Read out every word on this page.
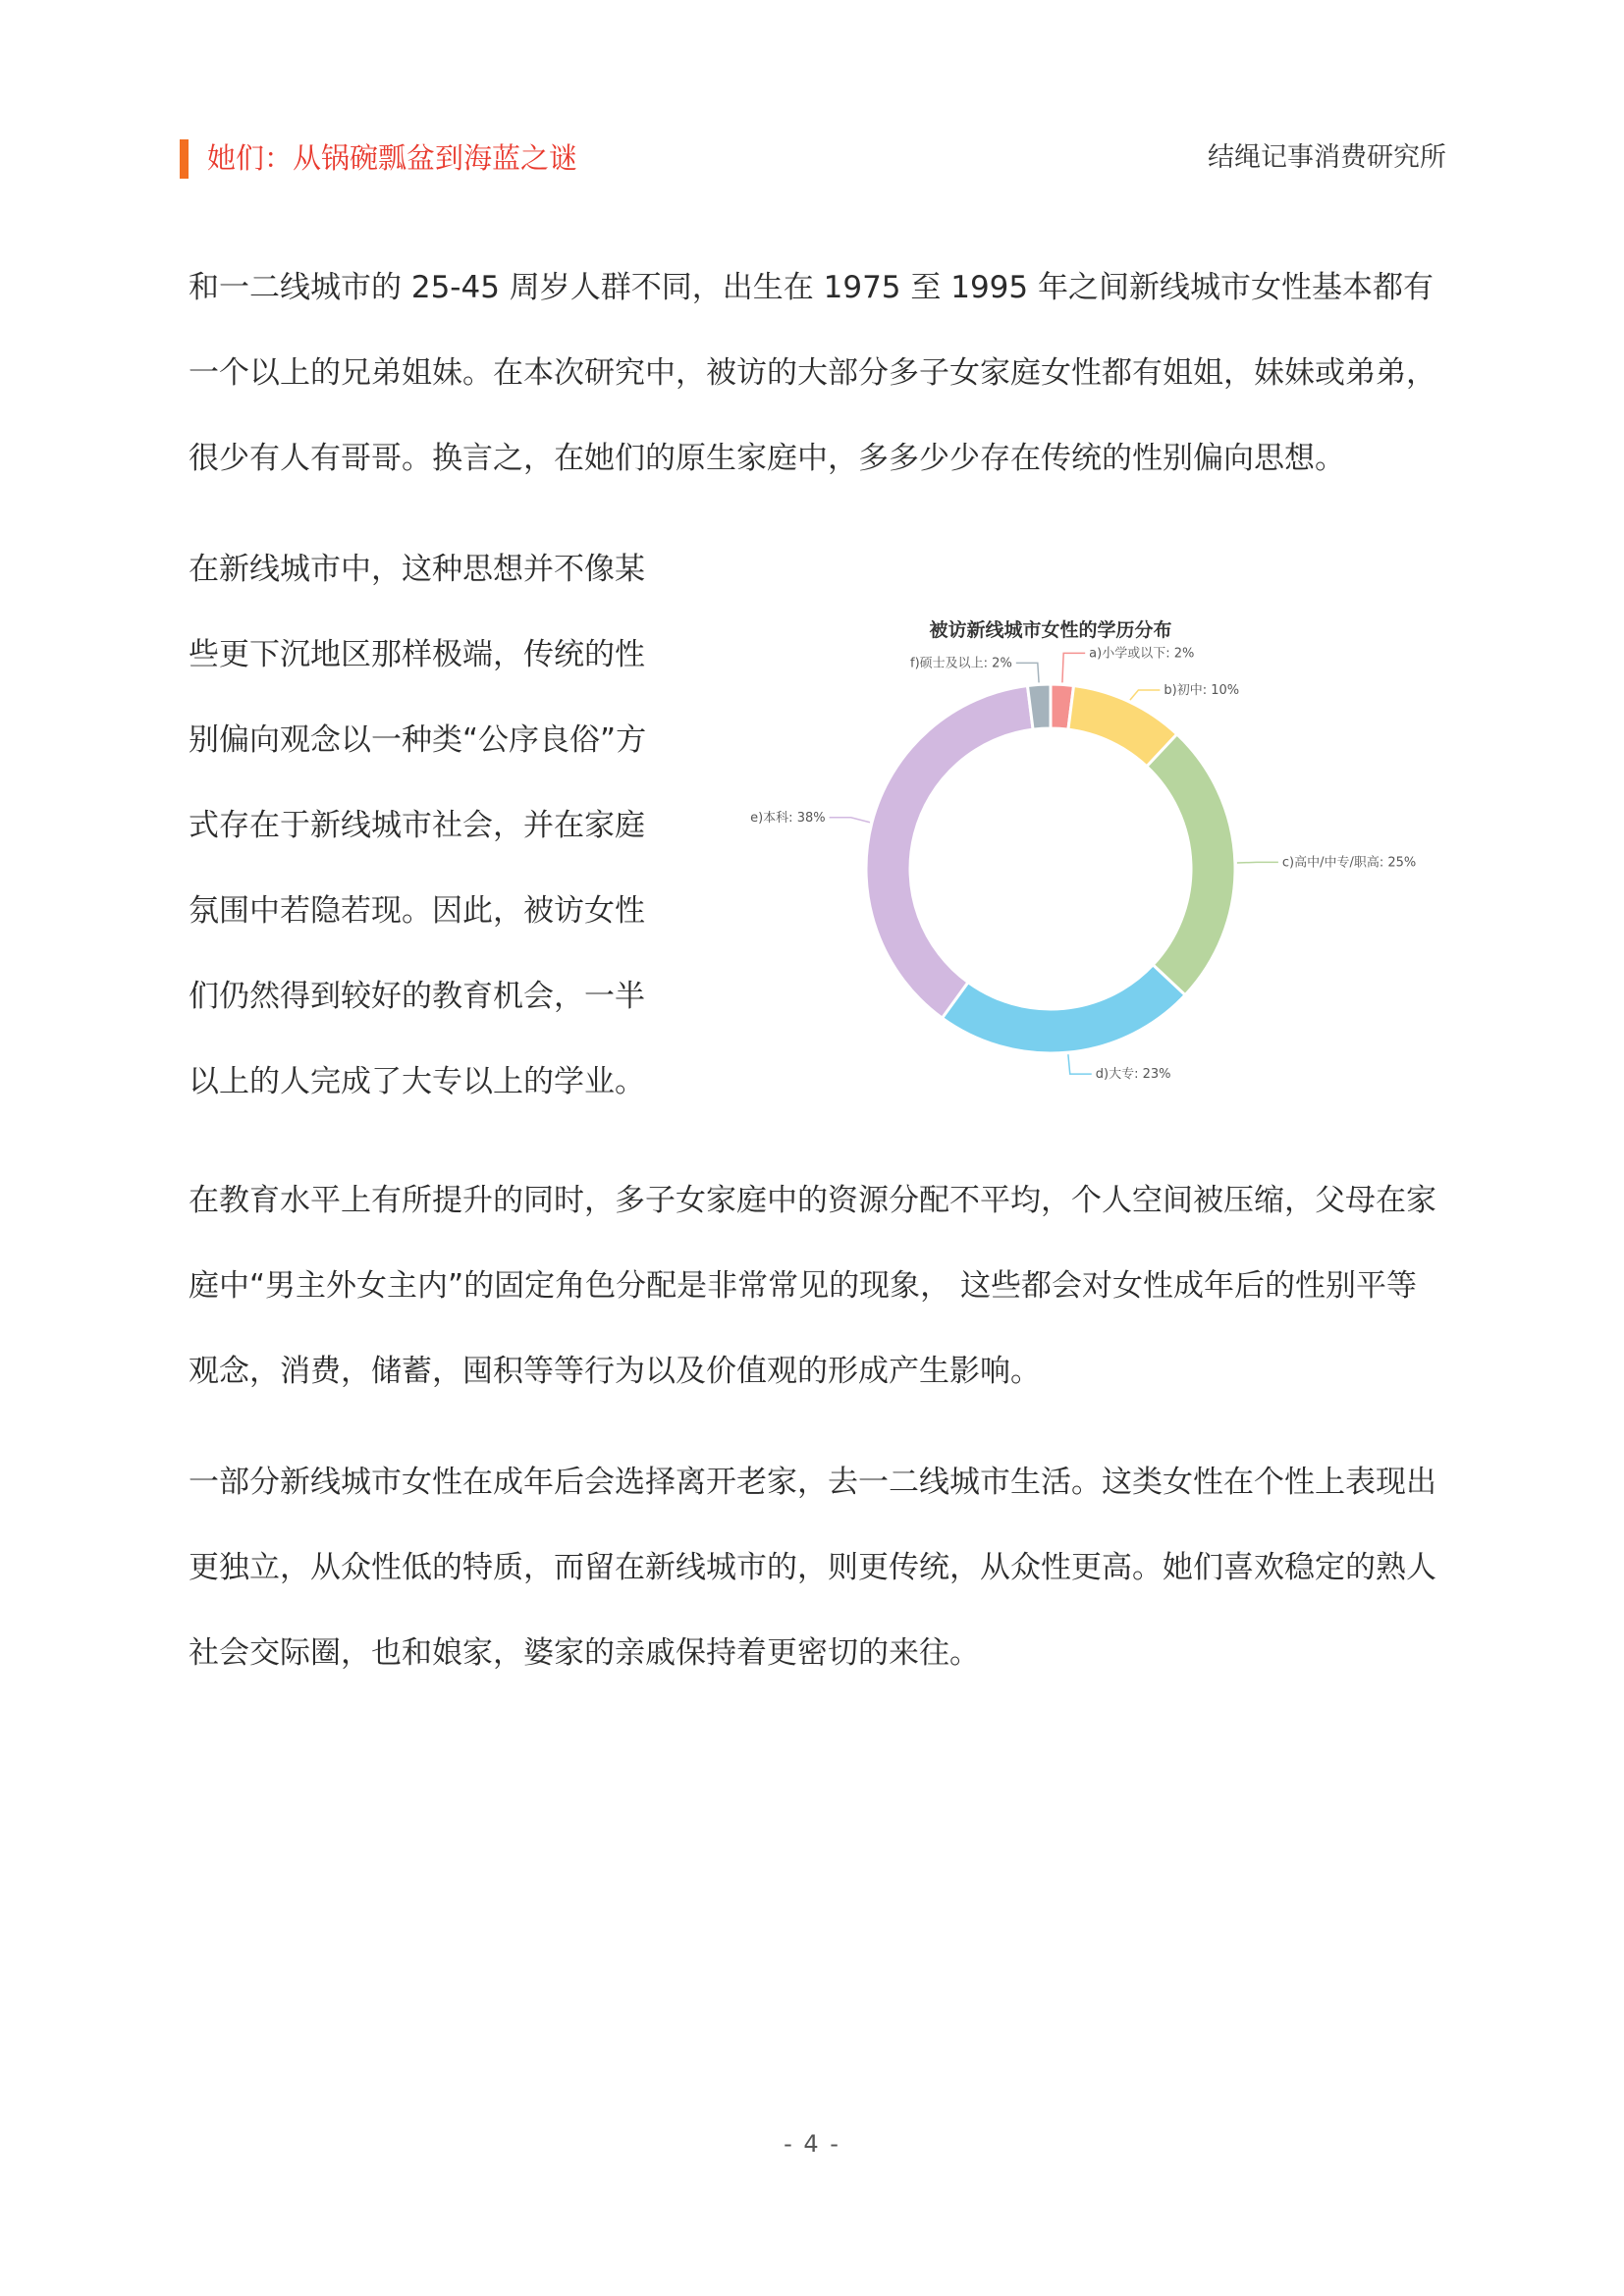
她们：从锅碗瓢盆到海蓝之谜	结绳记事消费研究所

和一二线城市的 25-45 周岁人群不同，出生在 1975 至 1995 年之间新线城市女性基本都有一个以上的兄弟姐妹。在本次研究中，被访的大部分多子女家庭女性都有姐姐，妹妹或弟弟，很少有人有哥哥。换言之，在她们的原生家庭中，多多少少存在传统的性别偏向思想。

在新线城市中，这种思想并不像某些更下沉地区那样极端，传统的性别偏向观念以一种类“公序良俗”方式存在于新线城市社会，并在家庭氛围中若隐若现。因此，被访女性们仍然得到较好的教育机会，一半以上的人完成了大专以上的学业。

被访新线城市女性的学历分布
a)小学或以下: 2%
b)初中: 10%
c)高中/中专/职高: 25%
d)大专: 23%
e)本科: 38%
f)硕士及以上: 2%

在教育水平上有所提升的同时，多子女家庭中的资源分配不平均，个人空间被压缩，父母在家庭中“男主外女主内”的固定角色分配是非常常见的现象， 这些都会对女性成年后的性别平等观念，消费，储蓄，囤积等等行为以及价值观的形成产生影响。

一部分新线城市女性在成年后会选择离开老家，去一二线城市生活。这类女性在个性上表现出更独立，从众性低的特质，而留在新线城市的，则更传统，从众性更高。她们喜欢稳定的熟人社会交际圈，也和娘家，婆家的亲戚保持着更密切的来往。

- 4 -
